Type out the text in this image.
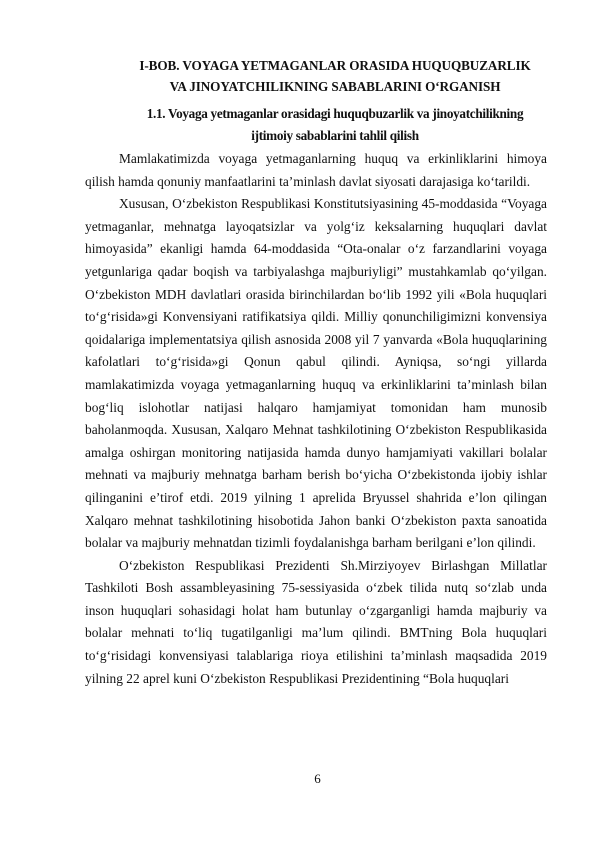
I-BOB. VOYAGA YETMAGANLAR ORASIDA HUQUQBUZARLIK
VA JINOYATCHILIKNING SABABLARINI O‘RGANISH
1.1. Voyaga yetmaganlar orasidagi huquqbuzarlik va jinoyatchilikning
ijtimoiy sabablarini tahlil qilish

Mamlakatimizda voyaga yetmaganlarning huquq va erkinliklarini himoya qilish hamda qonuniy manfaatlarini ta’minlash davlat siyosati darajasiga ko‘tarildi.

Xususan, O‘zbekiston Respublikasi Konstitutsiyasining 45-moddasida “Voyaga yetmaganlar, mehnatga layoqatsizlar va yolg‘iz keksalarning huquqlari davlat himoyasida” ekanligi hamda 64-moddasida “Ota-onalar o‘z farzandlarini voyaga yetgunlariga qadar boqish va tarbiyalashga majburiyligi” mustahkamlab qo‘yilgan. O‘zbekiston MDH davlatlari orasida birinchilardan bo‘lib 1992 yili «Bola huquqlari to‘g‘risida»gi Konvensiyani ratifikatsiya qildi. Milliy qonunchiligimizni konvensiya qoidalariga implementatsiya qilish asnosida 2008 yil 7 yanvarda «Bola huquqlarining kafolatlari to‘g‘risida»gi Qonun qabul qilindi. Ayniqsa, so‘ngi yillarda mamlakatimizda voyaga yetmaganlarning huquq va erkinliklarini ta’minlash bilan bog‘liq islohotlar natijasi halqaro hamjamiyat tomonidan ham munosib baholanmoqda. Xususan, Xalqaro Mehnat tashkilotining O‘zbekiston Respublikasida amalga oshirgan monitoring natijasida hamda dunyo hamjamiyati vakillari bolalar mehnati va majburiy mehnatga barham berish bo‘yicha O‘zbekistonda ijobiy ishlar qilinganini e’tirof etdi. 2019 yilning 1 aprelida Bryussel shahrida e’lon qilingan Xalqaro mehnat tashkilotining hisobotida Jahon banki O‘zbekiston paxta sanoatida bolalar va majburiy mehnatdan tizimli foydalanishga barham berilgani e’lon qilindi.

O‘zbekiston Respublikasi Prezidenti Sh.Mirziyoyev Birlashgan Millatlar Tashkiloti Bosh assambleyasining 75-sessiyasida o‘zbek tilida nutq so‘zlab unda inson huquqlari sohasidagi holat ham butunlay o‘zgarganligi hamda majburiy va bolalar mehnati to‘liq tugatilganligi ma’lum qilindi. BMTning Bola huquqlari to‘g‘risidagi konvensiyasi talablariga rioya etilishini ta’minlash maqsadida 2019 yilning 22 aprel kuni O‘zbekiston Respublikasi Prezidentining “Bola huquqlari

6
